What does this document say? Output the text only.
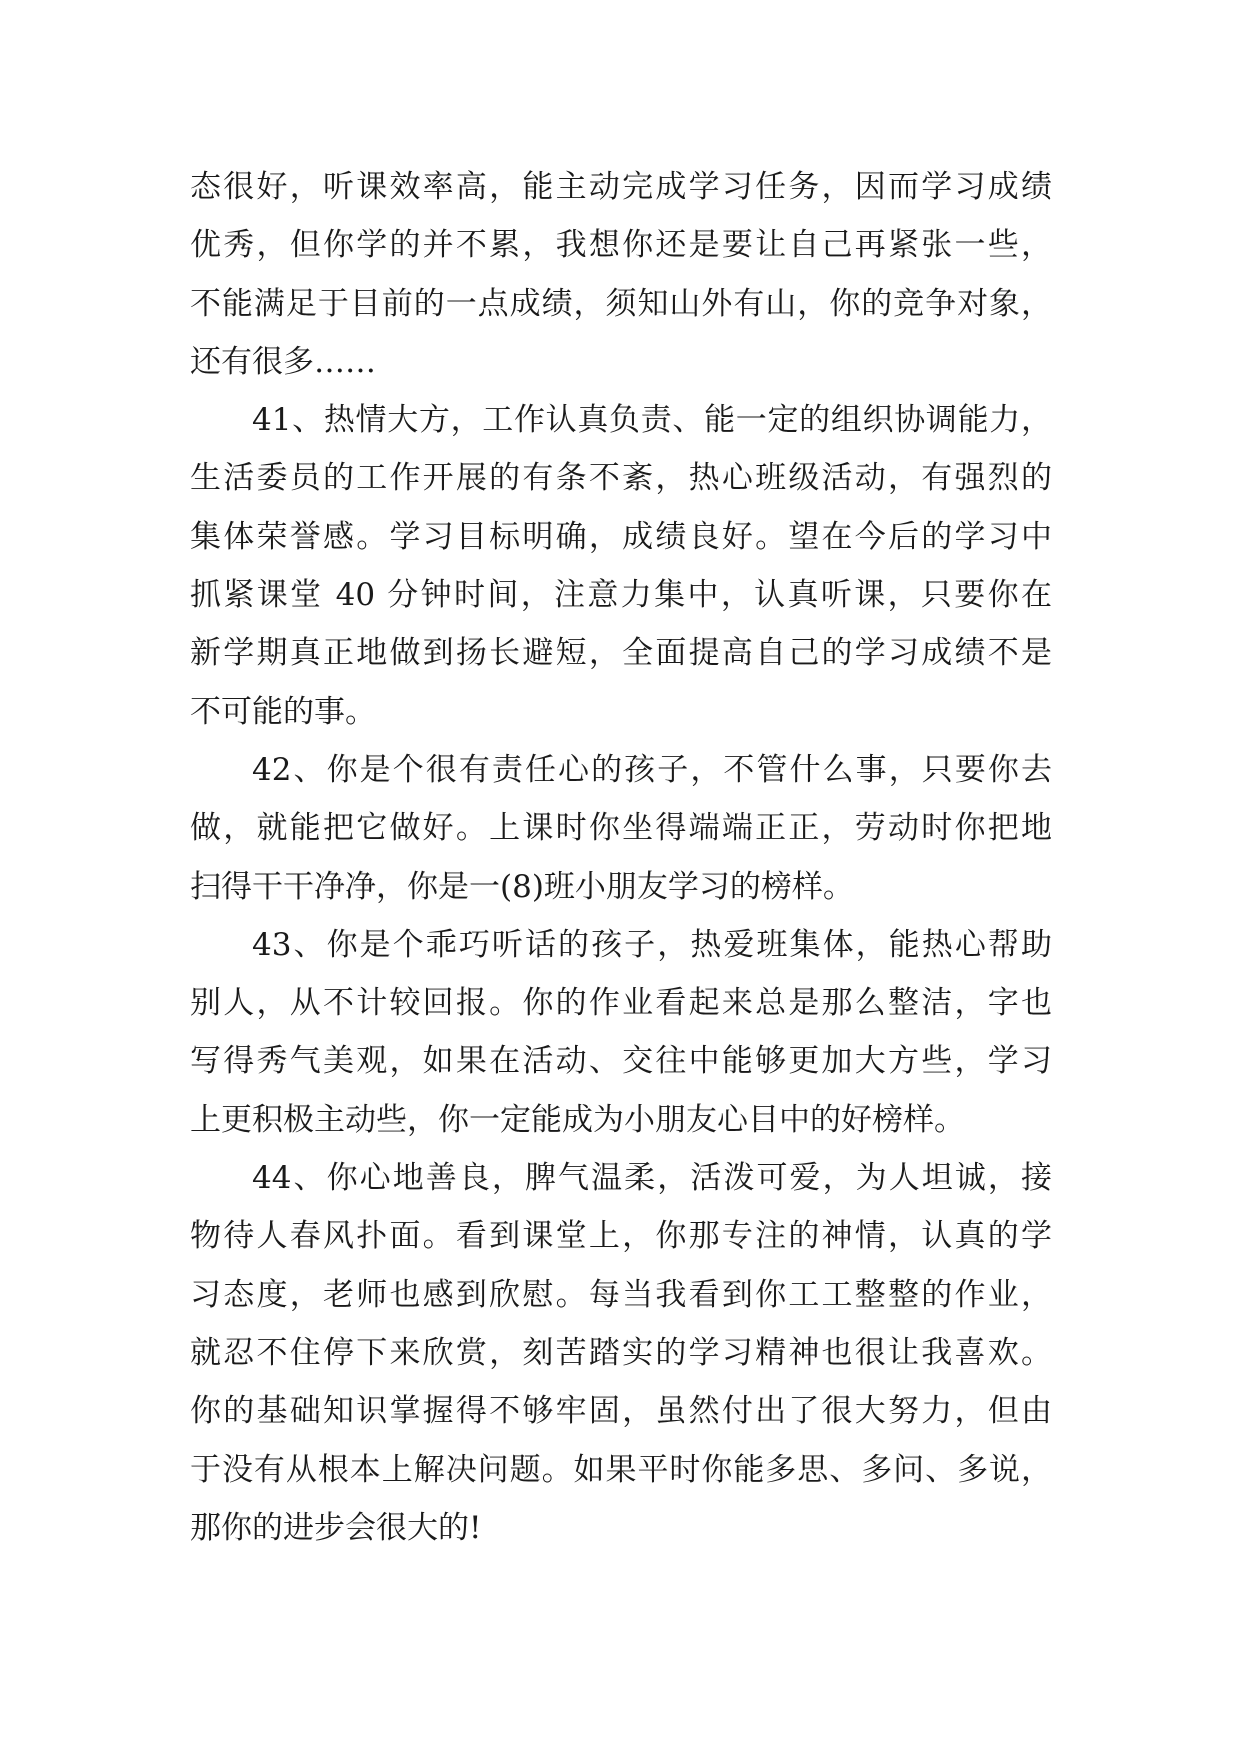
态很好，听课效率高，能主动完成学习任务，因而学习成绩
优秀，但你学的并不累，我想你还是要让自己再紧张一些，
不能满足于目前的一点成绩，须知山外有山，你的竞争对象，
还有很多……
41、热情大方，工作认真负责、能一定的组织协调能力，
生活委员的工作开展的有条不紊，热心班级活动，有强烈的
集体荣誉感。学习目标明确，成绩良好。望在今后的学习中
抓紧课堂 40 分钟时间，注意力集中，认真听课，只要你在
新学期真正地做到扬长避短，全面提高自己的学习成绩不是
不可能的事。
42、你是个很有责任心的孩子，不管什么事，只要你去
做，就能把它做好。上课时你坐得端端正正，劳动时你把地
扫得干干净净，你是一(8)班小朋友学习的榜样。
43、你是个乖巧听话的孩子，热爱班集体，能热心帮助
别人，从不计较回报。你的作业看起来总是那么整洁，字也
写得秀气美观，如果在活动、交往中能够更加大方些，学习
上更积极主动些，你一定能成为小朋友心目中的好榜样。
44、你心地善良，脾气温柔，活泼可爱，为人坦诚，接
物待人春风扑面。看到课堂上，你那专注的神情，认真的学
习态度，老师也感到欣慰。每当我看到你工工整整的作业，
就忍不住停下来欣赏，刻苦踏实的学习精神也很让我喜欢。
你的基础知识掌握得不够牢固，虽然付出了很大努力，但由
于没有从根本上解决问题。如果平时你能多思、多问、多说，
那你的进步会很大的!
